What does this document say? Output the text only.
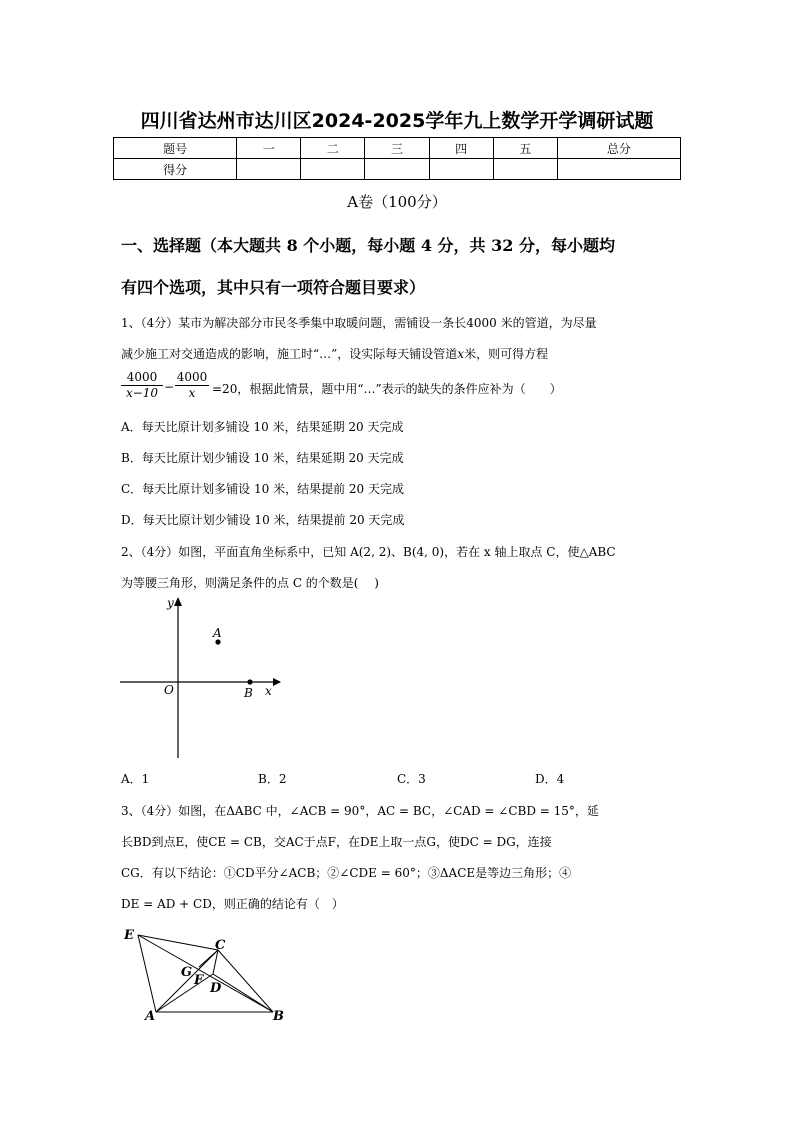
四川省达州市达川区2024-2025学年九上数学开学调研试题
题号	一	二	三	四	五	总分
得分						
A卷（100分）
一、选择题（本大题共 8 个小题，每小题 4 分，共 32 分，每小题均
有四个选项，其中只有一项符合题目要求）
1、（4分）某市为解决部分市民冬季集中取暖问题，需铺设一条长4000 米的管道，为尽量
减少施工对交通造成的影响，施工时“…”，设实际每天铺设管道x米，则可得方程
$\frac{4000}{x-10} - \frac{4000}{x} =20$，根据此情景，题中用“…”表示的缺失的条件应补为（　　）
A．每天比原计划多铺设 10 米，结果延期 20 天完成
B．每天比原计划少铺设 10 米，结果延期 20 天完成
C．每天比原计划多铺设 10 米，结果提前 20 天完成
D．每天比原计划少铺设 10 米，结果提前 20 天完成
2、（4分）如图，平面直角坐标系中，已知 A(2, 2)、B(4, 0)，若在 x 轴上取点 C，使△ABC
为等腰三角形，则满足条件的点 C 的个数是(　 )
y
x
O
A
B
A．1	B．2	C．3	D．4
3、（4分）如图，在ΔABC 中，∠ACB = 90°，AC = BC，∠CAD = ∠CBD = 15°，延
长BD到点E，使CE = CB，交AC于点F，在DE上取一点G，使DC = DG，连接
CG．有以下结论：①CD平分∠ACB；②∠CDE = 60°；③ΔACE是等边三角形；④
DE = AD + CD，则正确的结论有（　）
E
C
G
F
D
A	B
